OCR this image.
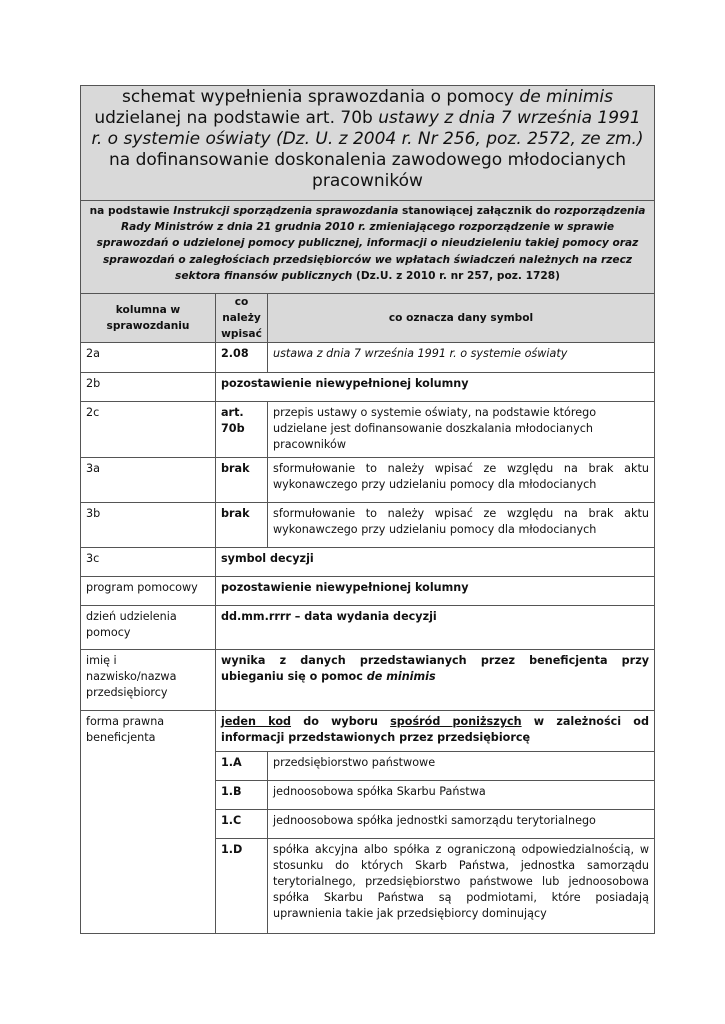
schemat wypełnienia sprawozdania o pomocy de minimis udzielanej na podstawie art. 70b ustawy z dnia 7 września 1991 r. o systemie oświaty (Dz. U. z 2004 r. Nr 256, poz. 2572, ze zm.) na dofinansowanie doskonalenia zawodowego młodocianych pracowników		
na podstawie Instrukcji sporządzenia sprawozdania stanowiącej załącznik do rozporządzenia Rady Ministrów z dnia 21 grudnia 2010 r. zmieniającego rozporządzenie w sprawie sprawozdań o udzielonej pomocy publicznej, informacji o nieudzieleniu takiej pomocy oraz sprawozdań o zaległościach przedsiębiorców we wpłatach świadczeń należnych na rzecz sektora finansów publicznych (Dz.U. z 2010 r. nr 257, poz. 1728)		
kolumna w sprawozdaniu	co należy wpisać	co oznacza dany symbol
2a	2.08	ustawa z dnia 7 września 1991 r. o systemie oświaty
2b	pozostawienie niewypełnionej kolumny	
2c	art. 70b	przepis ustawy o systemie oświaty, na podstawie którego udzielane jest dofinansowanie doszkalania młodocianych pracowników
3a	brak	sformułowanie to należy wpisać ze względu na brak aktu wykonawczego przy udzielaniu pomocy dla młodocianych
3b	brak	sformułowanie to należy wpisać ze względu na brak aktu wykonawczego przy udzielaniu pomocy dla młodocianych
3c	symbol decyzji	
program pomocowy	pozostawienie niewypełnionej kolumny	
dzień udzielenia pomocy	dd.mm.rrrr – data wydania decyzji	
imię i nazwisko/nazwa przedsiębiorcy	wynika z danych przedstawianych przez beneficjenta przy ubieganiu się o pomoc de minimis	
forma prawna beneficjenta	jeden kod do wyboru spośród poniższych w zależności od informacji przedstawionych przez przedsiębiorcę	
	1.A	przedsiębiorstwo państwowe
	1.B	jednoosobowa spółka Skarbu Państwa
	1.C	jednoosobowa spółka jednostki samorządu terytorialnego
	1.D	spółka akcyjna albo spółka z ograniczoną odpowiedzialnością, w stosunku do których Skarb Państwa, jednostka samorządu terytorialnego, przedsiębiorstwo państwowe lub jednoosobowa spółka Skarbu Państwa są podmiotami, które posiadają uprawnienia takie jak przedsiębiorcy dominujący
